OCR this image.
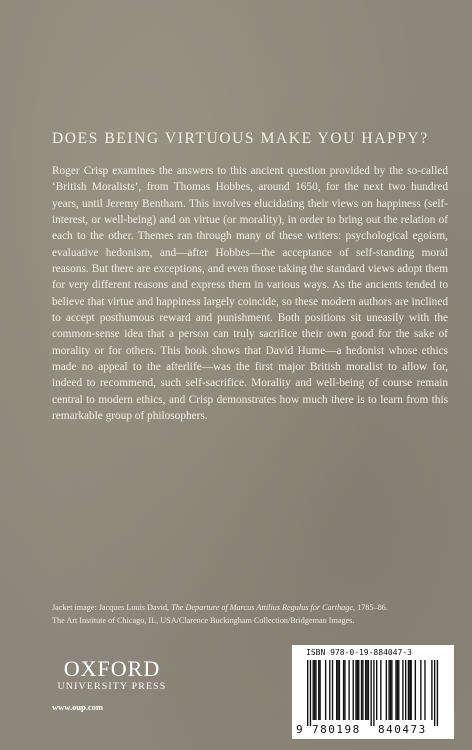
DOES BEING VIRTUOUS MAKE YOU HAPPY?
Roger Crisp examines the answers to this ancient question provided by the so-called ‘British Moralists’, from Thomas Hobbes, around 1650, for the next two hundred years, until Jeremy Bentham. This involves elucidating their views on happiness (self-interest, or well-being) and on virtue (or morality), in order to bring out the relation of each to the other. Themes ran through many of these writers: psychological egoism, evaluative hedonism, and—after Hobbes—the acceptance of self-standing moral reasons. But there are exceptions, and even those taking the standard views adopt them for very different reasons and express them in various ways. As the ancients tended to believe that virtue and happiness largely coincide, so these modern authors are inclined to accept posthumous reward and punishment. Both positions sit uneasily with the common-sense idea that a person can truly sacrifice their own good for the sake of morality or for others. This book shows that David Hume—a hedonist whose ethics made no appeal to the afterlife—was the first major British moralist to allow for, indeed to recommend, such self-sacrifice. Morality and well-being of course remain central to modern ethics, and Crisp demonstrates how much there is to learn from this remarkable group of philosophers.
Jacket image: Jacques Louis David, The Departure of Marcus Attilius Regulus for Carthage, 1785–86.
The Art Institute of Chicago, IL, USA/Clarence Buckingham Collection/Bridgeman Images.
OXFORD
UNIVERSITY PRESS
www.oup.com
ISBN 978-0-19-884047-3
9 780198 840473
